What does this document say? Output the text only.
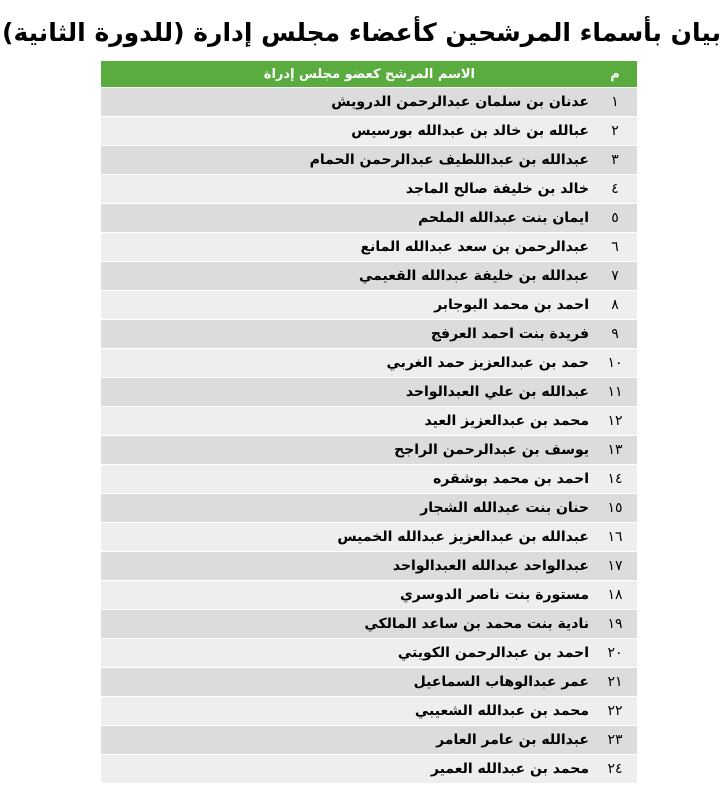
بيان بأسماء المرشحين كأعضاء مجلس إدارة (للدورة الثانية)
م
الاسم المرشح كعضو مجلس إدراة
١
عدنان بن سلمان عبدالرحمن الدرويش
٢
عبالله بن خالد بن عبدالله بورسيس
٣
عبدالله بن عبداللطيف عبدالرحمن الحمام
٤
خالد بن خليفة صالح الماجد
٥
ايمان بنت عبدالله الملحم
٦
عبدالرحمن بن سعد عبدالله المانع
٧
عبدالله بن خليفة عبدالله القعيمي
٨
احمد بن محمد البوجابر
٩
فريدة بنت احمد العرفج
١٠
حمد بن عبدالعزيز حمد الغربي
١١
عبدالله بن علي العبدالواحد
١٢
محمد بن عبدالعزيز العيد
١٣
يوسف بن عبدالرحمن الراجح
١٤
احمد بن محمد بوشقره
١٥
حنان بنت عبدالله الشجار
١٦
عبدالله بن عبدالعزيز عبدالله الخميس
١٧
عبدالواحد عبدالله العبدالواحد
١٨
مستورة بنت ناصر الدوسري
١٩
نادية بنت محمد بن ساعد المالكي
٢٠
احمد بن عبدالرحمن الكويتي
٢١
عمر عبدالوهاب السماعيل
٢٢
محمد بن عبدالله الشعيبي
٢٣
عبدالله بن عامر العامر
٢٤
محمد بن عبدالله العمير
